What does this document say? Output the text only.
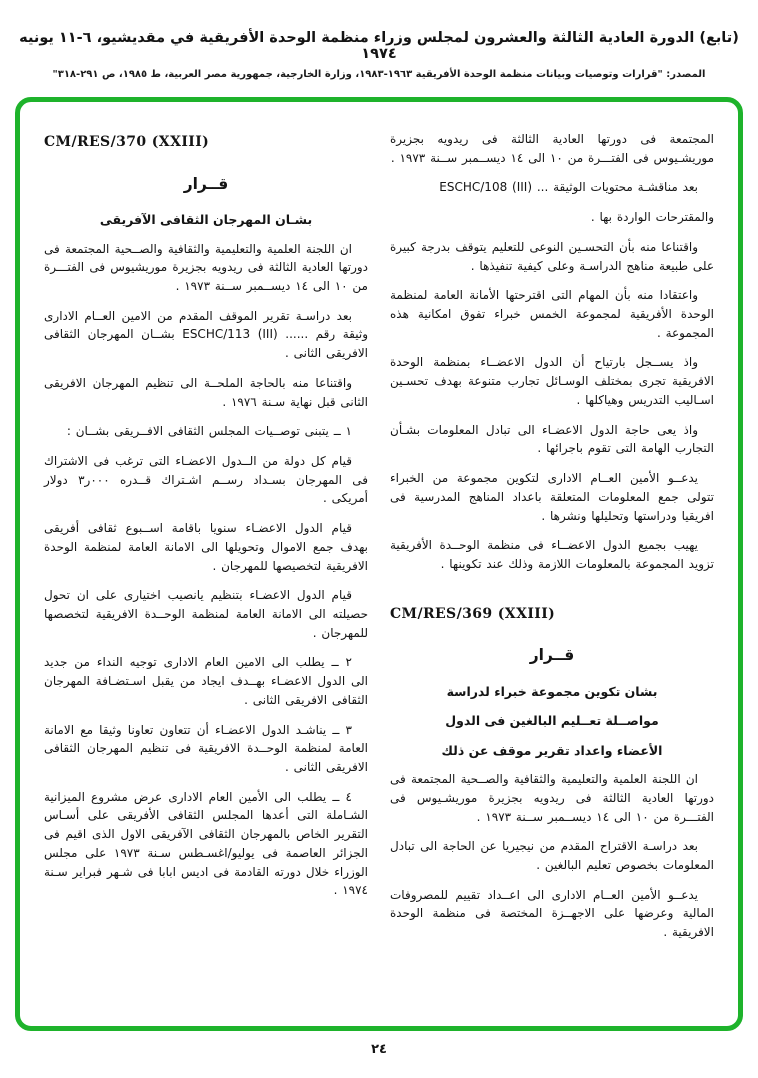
(تابع) الدورة العادية الثالثة والعشرون لمجلس وزراء منظمة الوحدة الأفريقية في مقديشيو، ٦-١١ يونيه ١٩٧٤
المصدر: "قرارات وتوصيات وبيانات منظمة الوحدة الأفريقية ١٩٦٣-١٩٨٣، وزارة الخارجية، جمهورية مصر العربية، ط ١٩٨٥، ص ٢٩١-٣١٨"

المجتمعة فى دورتها العادية الثالثة فى ريدويه بجزيرة موريشـيوس فى الفتـــرة من ١٠ الى ١٤ ديســمبر ســنة ١٩٧٣ .

بعد مناقشـة محتويات الوثيقة ... ESCHC/108 (III)

والمقترحات الواردة بها .

واقتناعا منه بأن التحسـين النوعى للتعليم يتوقف بدرجة كبيرة على طبيعة مناهج الدراسـة وعلى كيفية تنفيذها .

واعتقادا منه بأن المهام التى اقترحتها الأمانة العامة لمنظمة الوحدة الأفريقية لمجموعة الخمس خبراء تفوق امكانية هذه المجموعة .

واذ يســجل بارتياح أن الدول الاعضــاء بمنظمة الوحدة الافريقية تجرى بمختلف الوسـائل تجارب متنوعة بهدف تحسـين اسـاليب التدريس وهياكلها .

واذ يعى حاجة الدول الاعضـاء الى تبادل المعلومات بشـأن التجارب الهامة التى تقوم باجرائها .

يدعــو الأمين العــام الادارى لتكوين مجموعة من الخبراء تتولى جمع المعلومات المتعلقة باعداد المناهج المدرسية فى افريقيا ودراستها وتحليلها ونشرها .

يهيب بجميع الدول الاعضــاء فى منظمة الوحــدة الأفريقية تزويد المجموعة بالمعلومات اللازمة وذلك عند تكوينها .

CM/RES/369 (XXIII)

قــرار

بشان تكوين مجموعة خبراء لدراسة

مواصــلة تعــليم البالغين فى الدول

الأعضاء واعداد تقرير موقف عن ذلك

ان اللجنة العلمية والتعليمية والثقافية والصــحية المجتمعة فى دورتها العادية الثالثة فى ريدويه بجزيرة موريشـيوس فى الفتـــرة من ١٠ الى ١٤ ديســمبر ســنة ١٩٧٣ .

بعد دراسـة الاقتراح المقدم من نيجيريا عن الحاجة الى تبادل المعلومات بخصوص تعليم البالغين .

يدعــو الأمين العــام الادارى الى اعــداد تقييم للمصروفات المالية وعرضها على الاجهــزة المختصة فى منظمة الوحدة الافريقية .

CM/RES/370 (XXIII)

قــرار

بشـان المهرجان الثقافى الآفريقى

ان اللجنة العلمية والتعليمية والثقافية والصــحية المجتمعة فى دورتها العادية الثالثة فى ريدويه بجزيرة موريشيوس فى الفتـــرة من ١٠ الى ١٤ ديســمبر ســنة ١٩٧٣ .

بعد دراسـة تقرير الموقف المقدم من الامين العــام الادارى وثيقة رقم ...... ESCHC/113 (III) بشــان المهرجان الثقافى الافريقى الثانى .

واقتناعا منه بالحاجة الملحــة الى تنظيم المهرجان الافريقى الثانى قبل نهاية سـنة ١٩٧٦ .

١ ــ يتبنى توصــيات المجلس الثقافى الافــريقى بشــان :

قيام كل دولة من الــدول الاعضـاء التى ترغب فى الاشتراك فى المهرجان بسـداد رســم اشـتراك قــدره ٠٠٠ر٣ دولار أمريكى .

قيام الدول الاعضـاء سنويا باقامة اســبوع ثقافى أفريقى بهدف جمع الاموال وتحويلها الى الامانة العامة لمنظمة الوحدة الافريقية لتخصيصها للمهرجان .

قيام الدول الاعضـاء بتنظيم يانصيب اختيارى على ان تحول حصيلته الى الامانة العامة لمنظمة الوحــدة الافريقية لتخصصها للمهرجان .

٢ ــ يطلب الى الامين العام الادارى توجيه النداء من جديد الى الدول الاعضـاء بهــدف ايجاد من يقبل اسـتضـافة المهرجان الثقافى الافريقى الثانى .

٣ ــ يناشـد الدول الاعضـاء أن تتعاون تعاونا وثيقا مع الامانة العامة لمنظمة الوحــدة الافريقية فى تنظيم المهرجان الثقافى الافريقى الثانى .

٤ ــ يطلب الى الأمين العام الادارى عرض مشروع الميزانية الشـاملة التى أعدها المجلس الثقافى الأفريقى على أسـاس التقرير الخاص بالمهرجان الثقافى الآفريقى الاول الذى اقيم فى الجزائر العاصمة فى يوليو/اغسـطس سـنة ١٩٧٣ على مجلس الوزراء خلال دورته القادمة فى اديس ابابا فى شـهر فبراير سـنة ١٩٧٤ .

٢٤
